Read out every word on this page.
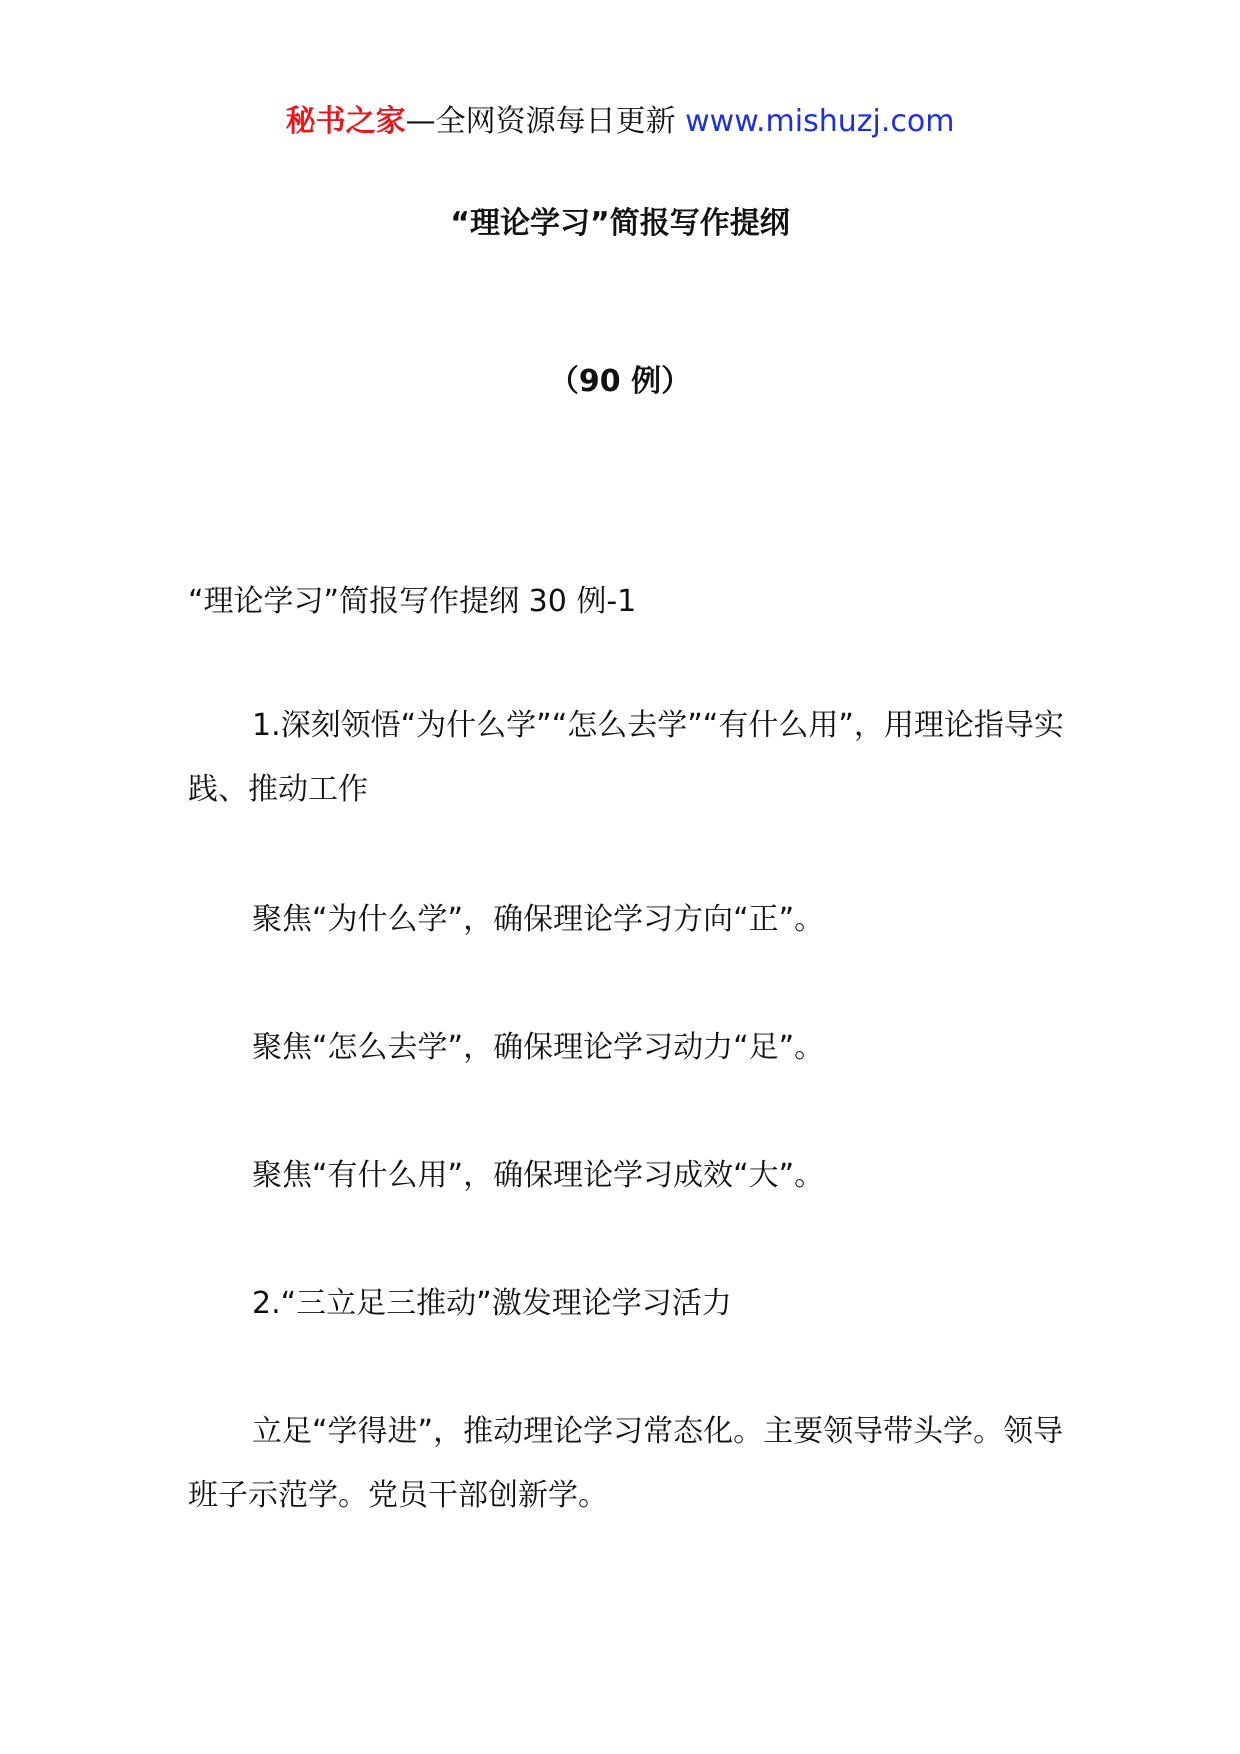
秘书之家—全网资源每日更新 www.mishuzj.com
“理论学习”简报写作提纲
（90 例）

“理论学习”简报写作提纲 30 例-1

1.深刻领悟“为什么学”“怎么去学”“有什么用”，用理论指导实践、推动工作

聚焦“为什么学”，确保理论学习方向“正”。

聚焦“怎么去学”，确保理论学习动力“足”。

聚焦“有什么用”，确保理论学习成效“大”。

2.“三立足三推动”激发理论学习活力

立足“学得进”，推动理论学习常态化。主要领导带头学。领导班子示范学。党员干部创新学。
